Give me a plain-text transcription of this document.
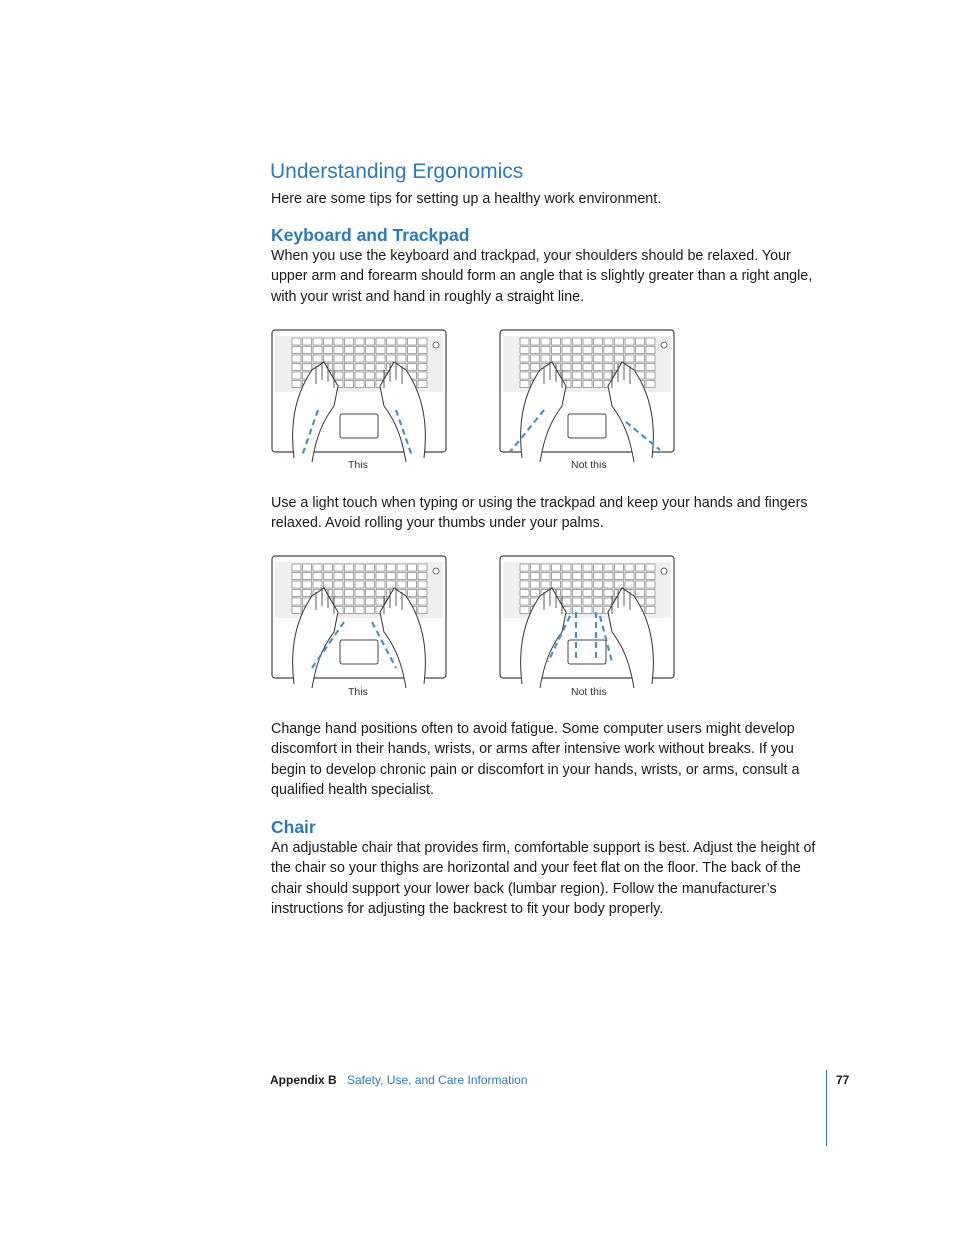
Understanding Ergonomics

Here are some tips for setting up a healthy work environment.

Keyboard and Trackpad

When you use the keyboard and trackpad, your shoulders should be relaxed. Your upper arm and forearm should form an angle that is slightly greater than a right angle, with your wrist and hand in roughly a straight line.

This	Not this

Use a light touch when typing or using the trackpad and keep your hands and fingers relaxed. Avoid rolling your thumbs under your palms.

This	Not this

Change hand positions often to avoid fatigue. Some computer users might develop discomfort in their hands, wrists, or arms after intensive work without breaks. If you begin to develop chronic pain or discomfort in your hands, wrists, or arms, consult a qualified health specialist.

Chair

An adjustable chair that provides firm, comfortable support is best. Adjust the height of the chair so your thighs are horizontal and your feet flat on the floor. The back of the chair should support your lower back (lumbar region). Follow the manufacturer’s instructions for adjusting the backrest to fit your body properly.

Appendix B Safety, Use, and Care Information	77
